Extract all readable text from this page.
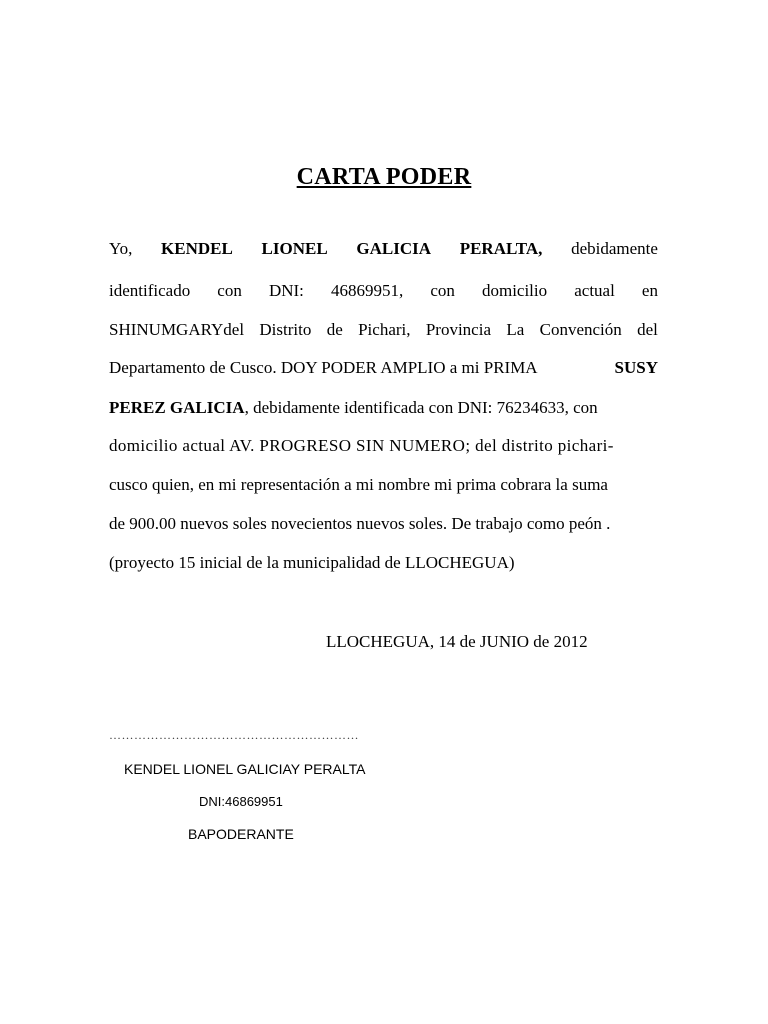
CARTA PODER
Yo, KENDEL LIONEL GALICIA PERALTA, debidamente
identificado con DNI: 46869951, con domicilio actual en
SHINUMGARYdel Distrito de Pichari, Provincia La Convención del
Departamento de Cusco. DOY PODER AMPLIO a mi PRIMA	SUSY
PEREZ GALICIA, debidamente identificada con DNI: 76234633, con
domicilio actual AV. PROGRESO SIN NUMERO; del distrito pichari-
cusco quien, en mi representación a mi nombre mi prima cobrara la suma
de 900.00 nuevos soles novecientos nuevos soles. De trabajo como peón .
(proyecto 15 inicial de la municipalidad de LLOCHEGUA)
LLOCHEGUA, 14 de JUNIO de 2012
……………………………………………………
KENDEL LIONEL GALICIAY PERALTA
DNI:46869951
BAPODERANTE
